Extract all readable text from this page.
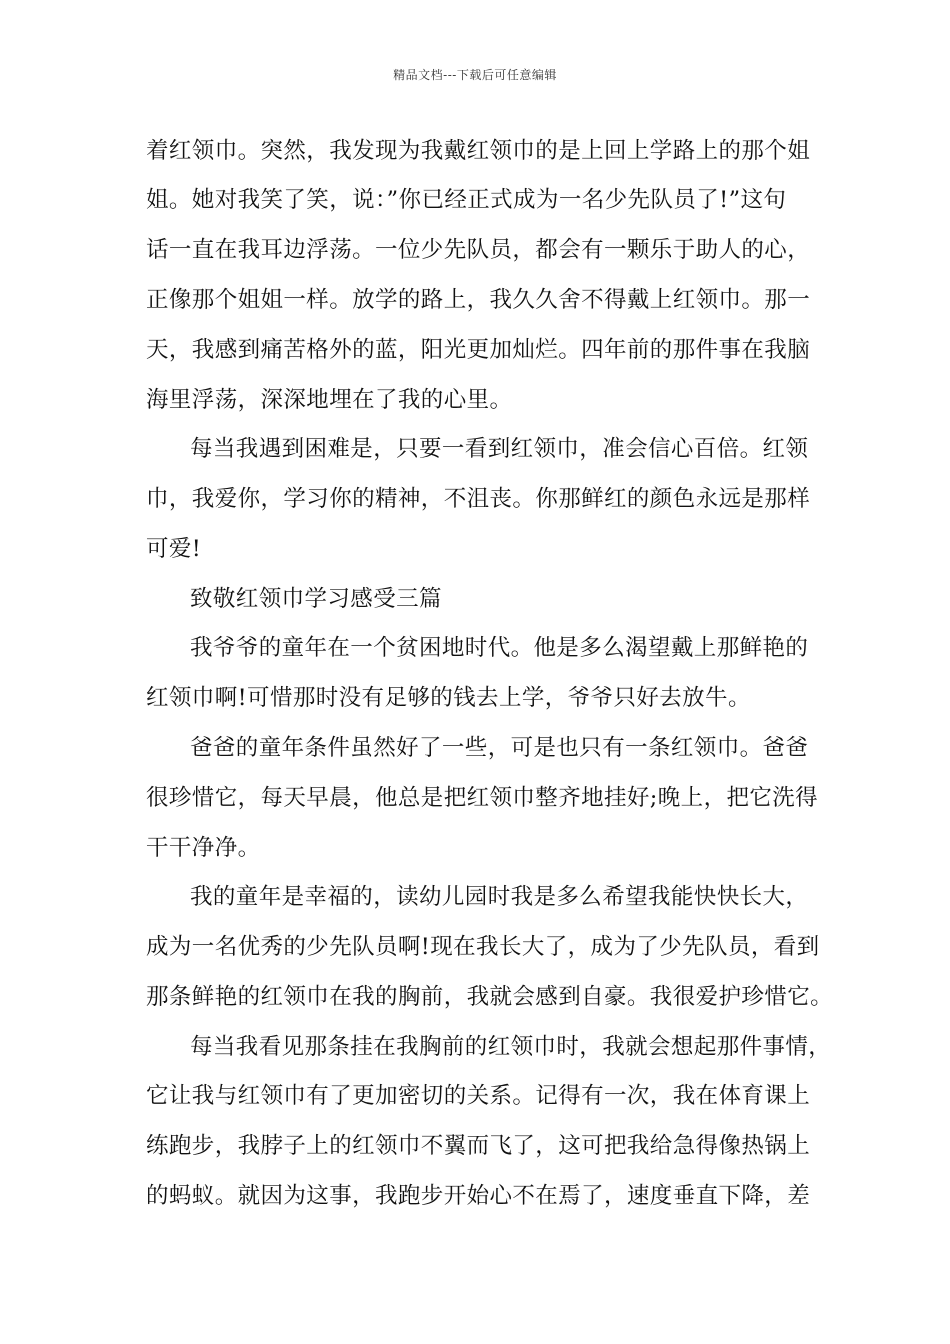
精品文档---下载后可任意编辑
着红领巾。突然，我发现为我戴红领巾的是上回上学路上的那个姐
姐。她对我笑了笑，说：”你已经正式成为一名少先队员了!”这句
话一直在我耳边浮荡。一位少先队员，都会有一颗乐于助人的心，
正像那个姐姐一样。放学的路上，我久久舍不得戴上红领巾。那一
天，我感到痛苦格外的蓝，阳光更加灿烂。四年前的那件事在我脑
海里浮荡，深深地埋在了我的心里。
每当我遇到困难是，只要一看到红领巾，准会信心百倍。红领
巾，我爱你，学习你的精神，不沮丧。你那鲜红的颜色永远是那样
可爱!
致敬红领巾学习感受三篇
我爷爷的童年在一个贫困地时代。他是多么渴望戴上那鲜艳的
红领巾啊!可惜那时没有足够的钱去上学，爷爷只好去放牛。
爸爸的童年条件虽然好了一些，可是也只有一条红领巾。爸爸
很珍惜它，每天早晨，他总是把红领巾整齐地挂好;晚上，把它洗得
干干净净。
我的童年是幸福的，读幼儿园时我是多么希望我能快快长大，
成为一名优秀的少先队员啊!现在我长大了，成为了少先队员，看到
那条鲜艳的红领巾在我的胸前，我就会感到自豪。我很爱护珍惜它。
每当我看见那条挂在我胸前的红领巾时，我就会想起那件事情，
它让我与红领巾有了更加密切的关系。记得有一次，我在体育课上
练跑步，我脖子上的红领巾不翼而飞了，这可把我给急得像热锅上
的蚂蚁。就因为这事，我跑步开始心不在焉了，速度垂直下降，差
